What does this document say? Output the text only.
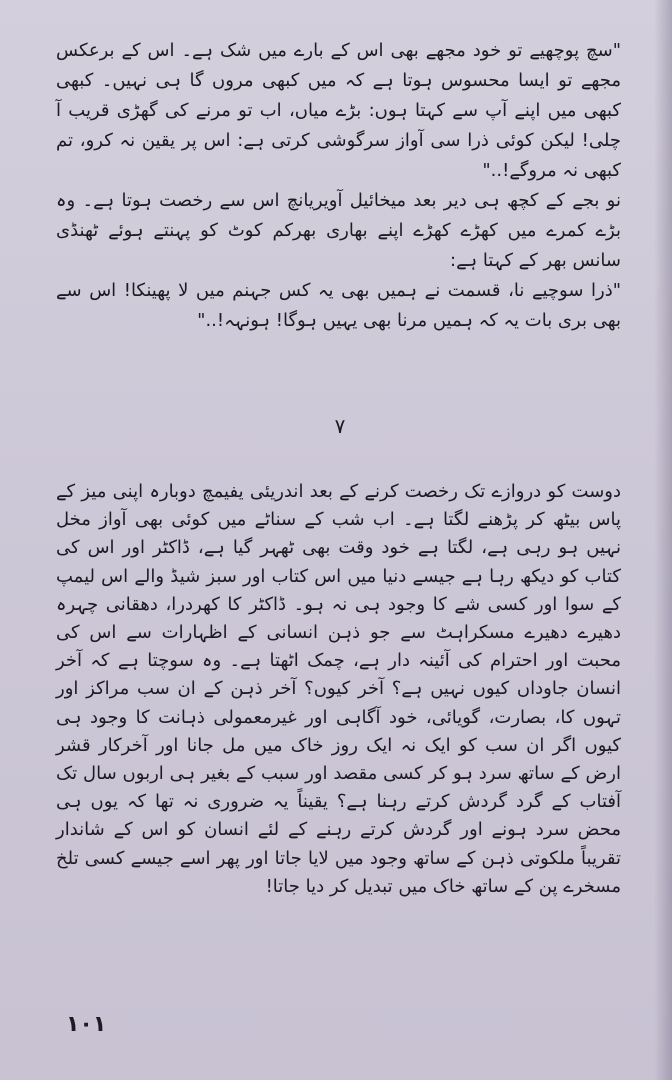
"سچ پوچھیے تو خود مجھے بھی اس کے بارے میں شک ہے۔ اس کے برعکس مجھے تو ایسا محسوس ہوتا ہے کہ میں کبھی مروں گا ہی نہیں۔ کبھی کبھی میں اپنے آپ سے کہتا ہوں: بڑے میاں، اب تو مرنے کی گھڑی قریب آ چلی! لیکن کوئی ذرا سی آواز سرگوشی کرتی ہے: اس پر یقین نہ کرو، تم کبھی نہ مروگے!.."

نو بجے کے کچھ ہی دیر بعد میخائیل آویریانچ اس سے رخصت ہوتا ہے۔ وہ بڑے کمرے میں کھڑے کھڑے اپنے بھاری بھرکم کوٹ کو پہنتے ہوئے ٹھنڈی سانس بھر کے کہتا ہے:

"ذرا سوچیے نا، قسمت نے ہمیں بھی یہ کس جہنم میں لا پھینکا! اس سے بھی بری بات یہ کہ ہمیں مرنا بھی یہیں ہوگا! ہونہہ!.."

۷

دوست کو دروازے تک رخصت کرنے کے بعد اندریئی یفیمچ دوبارہ اپنی میز کے پاس بیٹھ کر پڑھنے لگتا ہے۔ اب شب کے سناٹے میں کوئی بھی آواز مخل نہیں ہو رہی ہے، لگتا ہے خود وقت بھی ٹھہر گیا ہے، ڈاکٹر اور اس کی کتاب کو دیکھ رہا ہے جیسے دنیا میں اس کتاب اور سبز شیڈ والے اس لیمپ کے سوا اور کسی شے کا وجود ہی نہ ہو۔ ڈاکٹر کا کھردرا، دھقانی چہرہ دھیرے دھیرے مسکراہٹ سے جو ذہن انسانی کے اظہارات سے اس کی محبت اور احترام کی آئینہ دار ہے، چمک اٹھتا ہے۔ وہ سوچتا ہے کہ آخر انسان جاوداں کیوں نہیں ہے؟ آخر کیوں؟ آخر ذہن کے ان سب مراکز اور تہوں کا، بصارت، گویائی، خود آگاہی اور غیرمعمولی ذہانت کا وجود ہی کیوں اگر ان سب کو ایک نہ ایک روز خاک میں مل جانا اور آخرکار قشر ارض کے ساتھ سرد ہو کر کسی مقصد اور سبب کے بغیر ہی اربوں سال تک آفتاب کے گرد گردش کرتے رہنا ہے؟ یقیناً یہ ضروری نہ تھا کہ یوں ہی محض سرد ہونے اور گردش کرتے رہنے کے لئے انسان کو اس کے شاندار تقریباً ملکوتی ذہن کے ساتھ وجود میں لایا جاتا اور پھر اسے جیسے کسی تلخ مسخرے پن کے ساتھ خاک میں تبدیل کر دیا جاتا!

۱۰۱
